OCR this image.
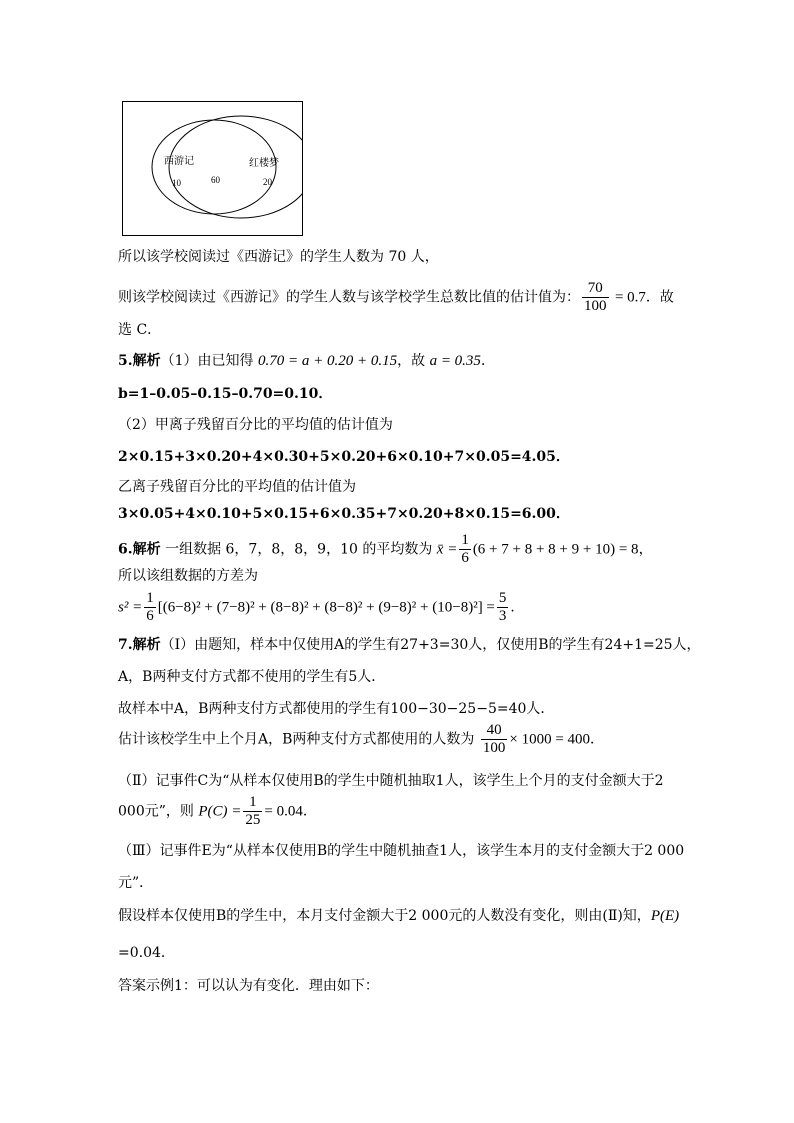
西游记
10	60
红楼梦
20
所以该学校阅读过《西游记》的学生人数为 70 人，
则该学校阅读过《西游记》的学生人数与该学校学生总数比值的估计值为： $\frac{70}{100} = 0.7$．故
选 C．
5.解析（1）由已知得 0.70 = a + 0.20 + 0.15，故 a = 0.35．
b=1–0.05–0.15–0.70=0.10．
（2）甲离子残留百分比的平均值的估计值为
2×0.15+3×0.20+4×0.30+5×0.20+6×0.10+7×0.05=4.05．
乙离子残留百分比的平均值的估计值为
3×0.05+4×0.10+5×0.15+6×0.35+7×0.20+8×0.15=6.00．
6.解析 一组数据 6，7，8，8，9，10 的平均数为 x̄ = $\frac{1}{6} (6 + 7 + 8 + 8 + 9 + 10) = 8$，
所以该组数据的方差为
$s^2 = \frac{1}{6} [(6-8)^2 + (7-8)^2 + (8-8)^2 + (8-8)^2 + (9-8)^2 + (10-8)^2] = \frac{5}{3}$ ．
7.解析（Ⅰ）由题知，样本中仅使用A的学生有27+3=30人，仅使用B的学生有24+1=25人，
A，B两种支付方式都不使用的学生有5人．
故样本中A，B两种支付方式都使用的学生有100−30−25−5=40人．
估计该校学生中上个月A，B两种支付方式都使用的人数为 $\frac{40}{100} \times 1000 = 400$．
（Ⅱ）记事件C为“从样本仅使用B的学生中随机抽取1人，该学生上个月的支付金额大于2
000元”，则 $P(C) = \frac{1}{25} = 0.04$．
（Ⅲ）记事件E为“从样本仅使用B的学生中随机抽查1人，该学生本月的支付金额大于2 000
元”．
假设样本仅使用B的学生中，本月支付金额大于2 000元的人数没有变化，则由(Ⅱ)知，P(E)
=0.04．
答案示例1：可以认为有变化．理由如下：
